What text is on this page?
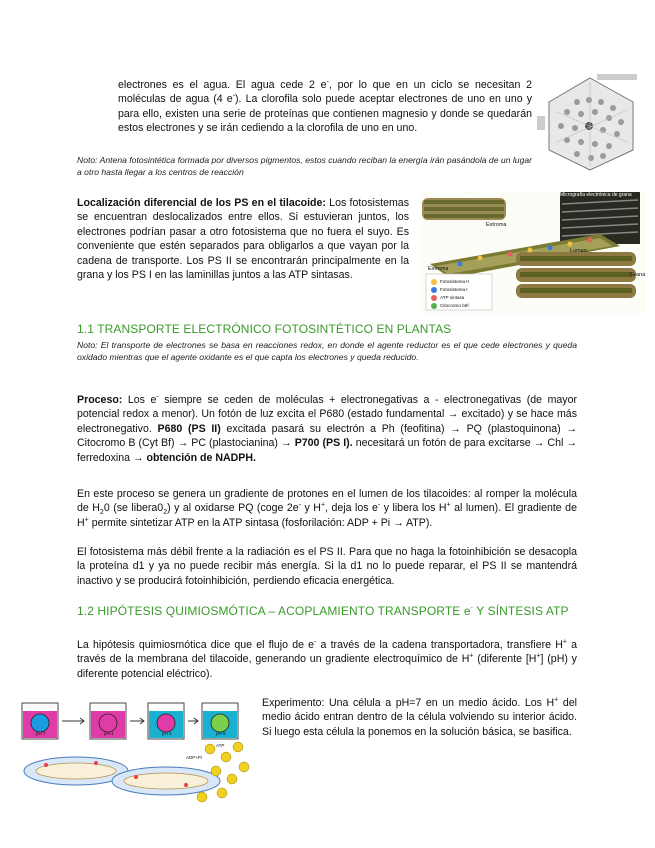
electrones es el agua. El agua cede 2 e-, por lo que en un ciclo se necesitan 2 moléculas de agua (4 e-). La clorofila solo puede aceptar electrones de uno en uno y para ello, existen una serie de proteínas que contienen magnesio y donde se quedarán estos electrones y se irán cediendo a la clorofila de uno en uno.

Noto: Antena fotosintética formada por diversos pigmentos, estos cuando reciban la energía irán pasándola de un lugar a otro hasta llegar a los centros de reacción

Localización diferencial de los PS en el tilacoide: Los fotosistemas se encuentran deslocalizados entre ellos. Si estuvieran juntos, los electrones podrían pasar a otro fotosistema que no fuera el suyo. Es conveniente que estén separados para obligarlos a que vayan por la cadena de transporte. Los PS II se encontrarán principalmente en la grana y los PS I en las laminillas juntos a las ATP sintasas.

Estroma	Micrografía electrónica de grana
Lumen
Estroma
Estroma
Grana
Fotosistema II
Fotosistema I
ATP sintasa
Citocromo b6f
1.1 TRANSPORTE ELECTRÓNICO FOTOSINTÉTICO EN PLANTAS

Noto: El transporte de electrones se basa en reacciones redox, en donde el agente reductor es el que cede electrones y queda oxidado mientras que el agente oxidante es el que capta los electrones y queda reducido.

Proceso: Los e- siempre se ceden de moléculas + electronegativas a - electronegativas (de mayor potencial redox a menor). Un fotón de luz excita el P680 (estado fundamental → excitado) y se hace más electronegativo. P680 (PS II) excitada pasará su electrón a Ph (feofitina) → PQ (plastoquinona) → Citocromo B (Cyt Bf) → PC (plastocianina) → P700 (PS I). necesitará un fotón de para excitarse → Chl → ferredoxina → obtención de NADPH.

En este proceso se genera un gradiente de protones en el lumen de los tilacoides: al romper la molécula de $H_20$ (se $libera0_2$) y al oxidarse PQ (coge 2e- y H+, deja los e- y libera los H+ al lumen). El gradiente de H+ permite sintetizar ATP en la ATP sintasa (fosforilación: ADP + Pi → ATP).

El fotosistema más débil frente a la radiación es el PS II. Para que no haga la fotoinhibición se desacopla la proteína d1 y ya no puede recibir más energía. Si la d1 no lo puede reparar, el PS II se mantendrá inactivo y se producirá fotoinhibición, perdiendo eficacia energética.

1.2 HIPÓTESIS QUIMIOSMÓTICA – ACOPLAMIENTO TRANSPORTE e- Y SÍNTESIS ATP

La hipótesis quimiosmótica dice que el flujo de e- a través de la cadena transportadora, transfiere H+ a través de la membrana del tilacoide, generando un gradiente electroquímico de H+ (diferente [H+] (pH) y diferente potencial eléctrico).

pH 7	pH 4	pH 4	pH 8
ADP+Pi
ATP

Experimento: Una célula a pH=7 en un medio ácido. Los H+ del medio ácido entran dentro de la célula volviendo su interior ácido. Si luego esta célula la ponemos en la solución básica, se basifica.
